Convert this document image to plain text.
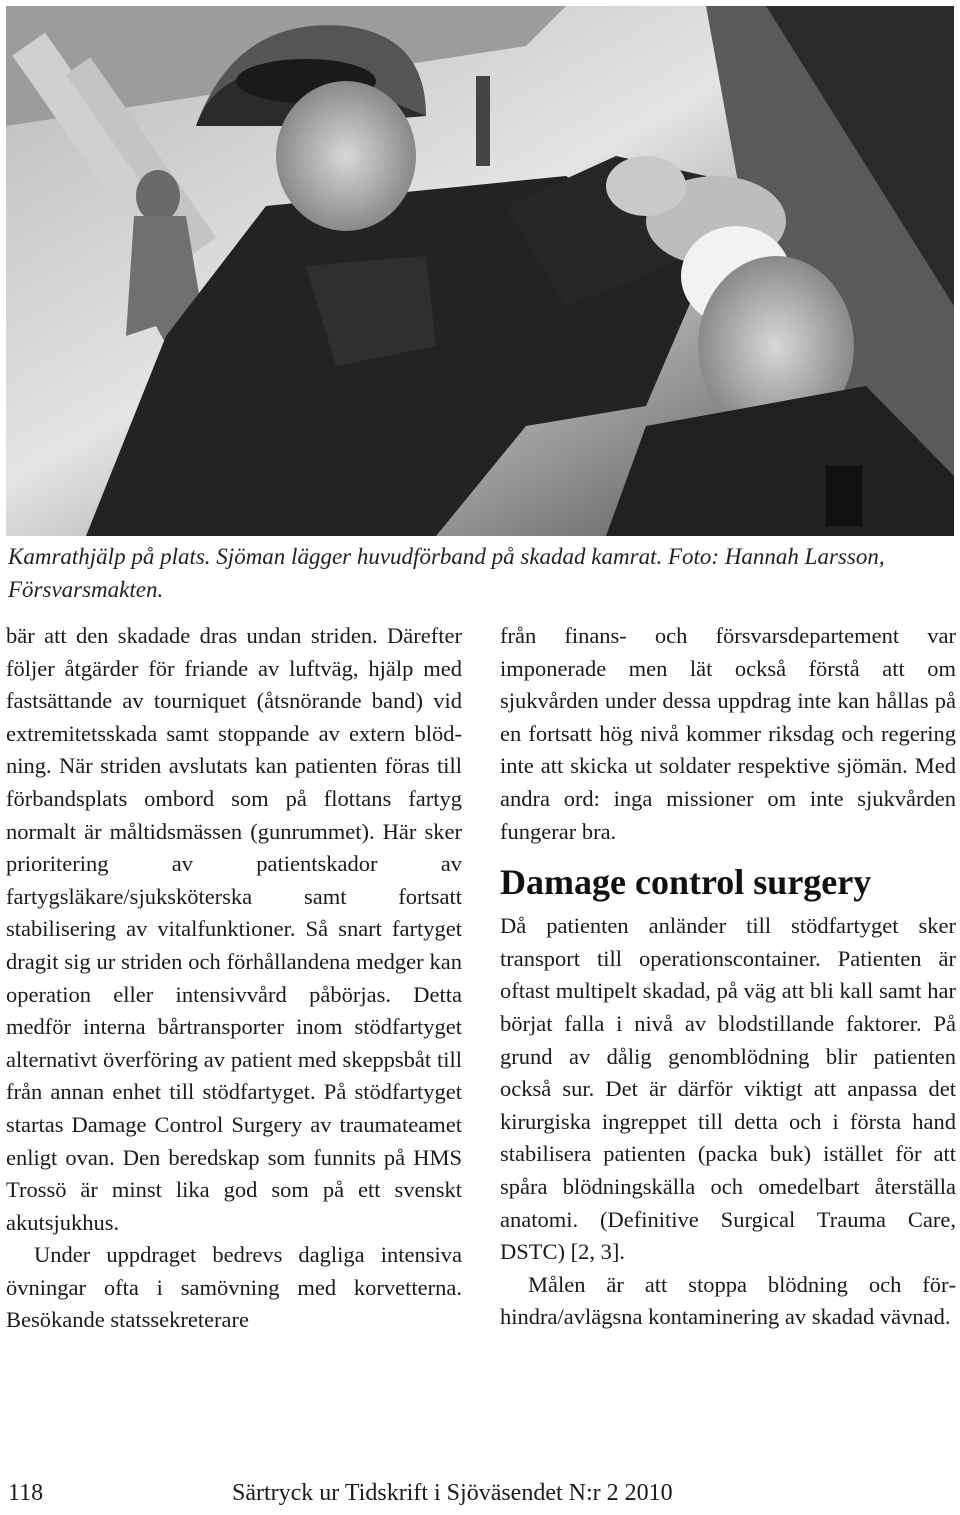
Kamrathjälp på plats. Sjöman lägger huvudförband på skadad kamrat. Foto: Hannah Larsson, Försvarsmakten.

bär att den skadade dras undan striden. Därefter följer åtgärder för friande av luftväg, hjälp med fastsättande av tourniquet (åtsnörande band) vid extremitetsskada samt stoppande av extern blödning. När striden avslutats kan patienten föras till förbandsplats ombord som på flottans fartyg normalt är måltidsmässen (gunrummet). Här sker prioritering av patientskador av fartygsläkare/sjuksköterska samt fortsatt stabilisering av vitalfunktioner. Så snart fartyget dragit sig ur striden och förhållandena medger kan operation eller intensivvård påbörjas. Detta medför interna bårtransporter inom stödfartyget alternativt överföring av patient med skeppsbåt till från annan enhet till stödfartyget. På stödfartyget startas Damage Control Surgery av traumateamet enligt ovan. Den beredskap som funnits på HMS Trossö är minst lika god som på ett svenskt akutsjukhus.

Under uppdraget bedrevs dagliga intensiva övningar ofta i samövning med korvetterna. Besökande statssekreterare

från finans- och försvarsdepartement var imponerade men lät också förstå att om sjukvården under dessa uppdrag inte kan hållas på en fortsatt hög nivå kommer riksdag och regering inte att skicka ut soldater respektive sjömän. Med andra ord: inga missioner om inte sjukvården fungerar bra.

Damage control surgery

Då patienten anländer till stödfartyget sker transport till operationscontainer. Patienten är oftast multipelt skadad, på väg att bli kall samt har börjat falla i nivå av blodstillande faktorer. På grund av dålig genomblödning blir patienten också sur. Det är därför viktigt att anpassa det kirurgiska ingreppet till detta och i första hand stabilisera patienten (packa buk) istället för att spåra blödningskälla och omedelbart återställa anatomi. (Definitive Surgical Trauma Care, DSTC) [2, 3].

Målen är att stoppa blödning och förhindra/avlägsna kontaminering av skadad vävnad.

118	Särtryck ur Tidskrift i Sjöväsendet N:r 2 2010
